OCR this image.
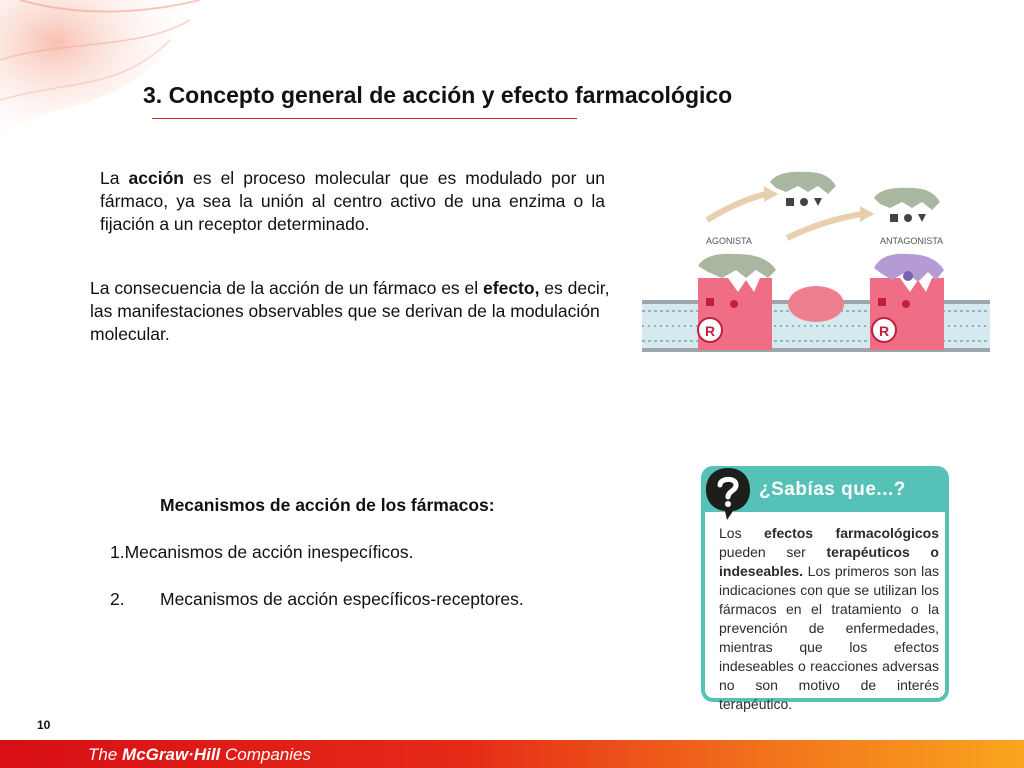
3. Concepto general de acción y efecto farmacológico

La acción es el proceso molecular que es modulado por un fármaco, ya sea la unión al centro activo de una enzima o la fijación a un receptor determinado.

La consecuencia de la acción de un fármaco es el efecto, es decir, las manifestaciones observables que se derivan de la modulación molecular.

AGONISTA	ANTAGONISTA
R	R
Mecanismos de acción de los fármacos:
1.Mecanismos de acción inespecíficos.
2. Mecanismos de acción específicos-receptores.
¿Sabías que...?

Los efectos farmacológicos pueden ser terapéuticos o indeseables. Los primeros son las indicaciones con que se utilizan los fármacos en el tratamiento o la prevención de enfermedades, mientras que los efectos indeseables o reacciones adversas no son motivo de interés terapéutico.

10
The McGraw·Hill Companies
